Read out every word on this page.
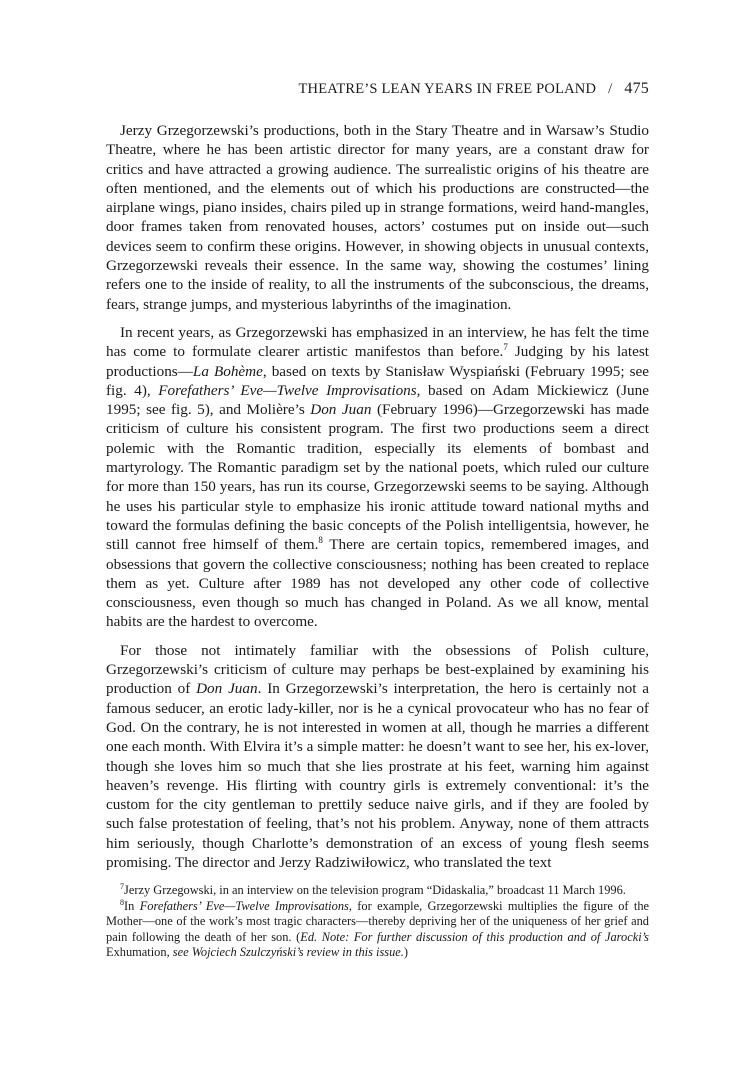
THEATRE’S LEAN YEARS IN FREE POLAND / 475

Jerzy Grzegorzewski’s productions, both in the Stary Theatre and in Warsaw’s Studio Theatre, where he has been artistic director for many years, are a constant draw for critics and have attracted a growing audience. The surrealistic origins of his theatre are often mentioned, and the elements out of which his productions are constructed—the airplane wings, piano insides, chairs piled up in strange formations, weird hand-mangles, door frames taken from renovated houses, actors’ costumes put on inside out—such devices seem to confirm these origins. However, in showing objects in unusual contexts, Grzegorzewski reveals their essence. In the same way, showing the costumes’ lining refers one to the inside of reality, to all the instruments of the subconscious, the dreams, fears, strange jumps, and mysterious labyrinths of the imagination.

In recent years, as Grzegorzewski has emphasized in an interview, he has felt the time has come to formulate clearer artistic manifestos than before.$^7$ Judging by his latest productions—La Bohème, based on texts by Stanisław Wyspiański (February 1995; see fig. 4), Forefathers’ Eve—Twelve Improvisations, based on Adam Mickiewicz (June 1995; see fig. 5), and Molière’s Don Juan (February 1996)—Grzegorzewski has made criticism of culture his consistent program. The first two productions seem a direct polemic with the Romantic tradition, especially its elements of bombast and martyrology. The Romantic paradigm set by the national poets, which ruled our culture for more than 150 years, has run its course, Grzegorzewski seems to be saying. Although he uses his particular style to emphasize his ironic attitude toward national myths and toward the formulas defining the basic concepts of the Polish intelligentsia, however, he still cannot free himself of them.$^8$ There are certain topics, remembered images, and obsessions that govern the collective consciousness; nothing has been created to replace them as yet. Culture after 1989 has not developed any other code of collective consciousness, even though so much has changed in Poland. As we all know, mental habits are the hardest to overcome.

For those not intimately familiar with the obsessions of Polish culture, Grzegorzewski’s criticism of culture may perhaps be best-explained by examining his production of Don Juan. In Grzegorzewski’s interpretation, the hero is certainly not a famous seducer, an erotic lady-killer, nor is he a cynical provocateur who has no fear of God. On the contrary, he is not interested in women at all, though he marries a different one each month. With Elvira it’s a simple matter: he doesn’t want to see her, his ex-lover, though she loves him so much that she lies prostrate at his feet, warning him against heaven’s revenge. His flirting with country girls is extremely conventional: it’s the custom for the city gentleman to prettily seduce naive girls, and if they are fooled by such false protestation of feeling, that’s not his problem. Anyway, none of them attracts him seriously, though Charlotte’s demonstration of an excess of young flesh seems promising. The director and Jerzy Radziwiłowicz, who translated the text

$^7$Jerzy Grzegowski, in an interview on the television program “Didaskalia,” broadcast 11 March 1996.

$^8$In Forefathers’ Eve—Twelve Improvisations, for example, Grzegorzewski multiplies the figure of the Mother—one of the work’s most tragic characters—thereby depriving her of the uniqueness of her grief and pain following the death of her son. (Ed. Note: For further discussion of this production and of Jarocki’s Exhumation, see Wojciech Szulczyński’s review in this issue.)
